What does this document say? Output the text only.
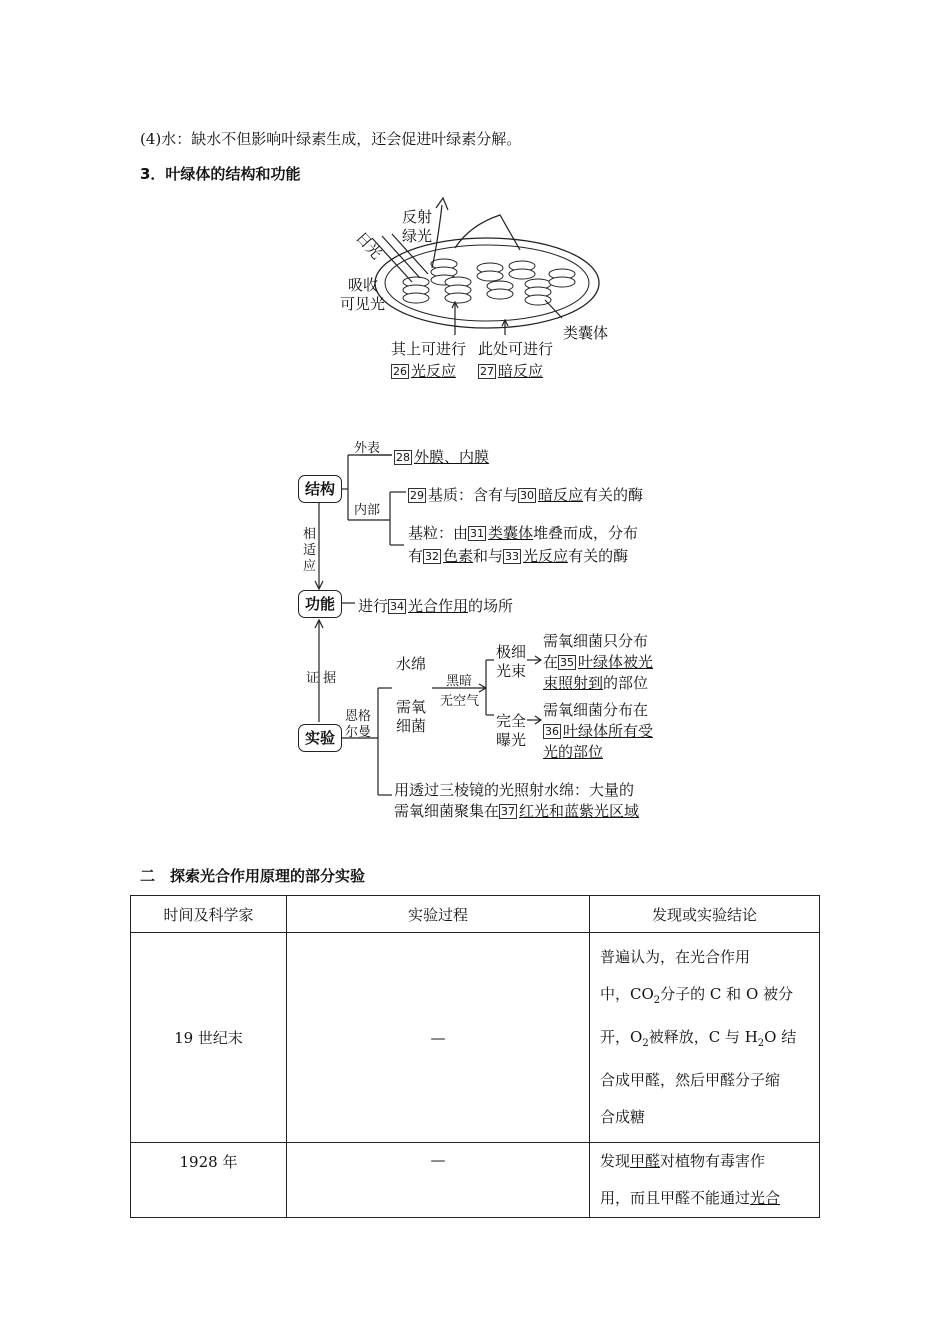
(4)水：缺水不但影响叶绿素生成，还会促进叶绿素分解。
3．叶绿体的结构和功能
日光
反射
绿光
吸收
可见光
类囊体
其上可进行 此处可进行
26 光反应 27 暗反应
结构
功能
实验
外表
内部
28 外膜、内膜
29 基质：含有与 30 暗反应有关的酶
基粒：由 31 类囊体堆叠而成，分布
有 32 色素和与 33 光反应有关的酶
相
适
应
进行 34 光合作用的场所
证 据
恩格
尔曼
水绵
需氧
细菌
黑暗
无空气
极细
光束
完全
曝光
需氧细菌只分布
在 35 叶绿体被光
束照射到的部位
需氧细菌分布在
36 叶绿体所有受
光的部位
用透过三棱镜的光照射水绵：大量的
需氧细菌聚集在 37 红光和蓝紫光区域
二　探索光合作用原理的部分实验
时间及科学家	实验过程	发现或实验结论
19 世纪末	—	普遍认为，在光合作用
中，$CO_2$分子的 C 和 O 被分
开，$O_2$被释放，C 与 $H_2O$ 结
合成甲醛，然后甲醛分子缩
合成糖

1928 年	—	发现甲醛对植物有毒害作
用，而且甲醛不能通过光合
